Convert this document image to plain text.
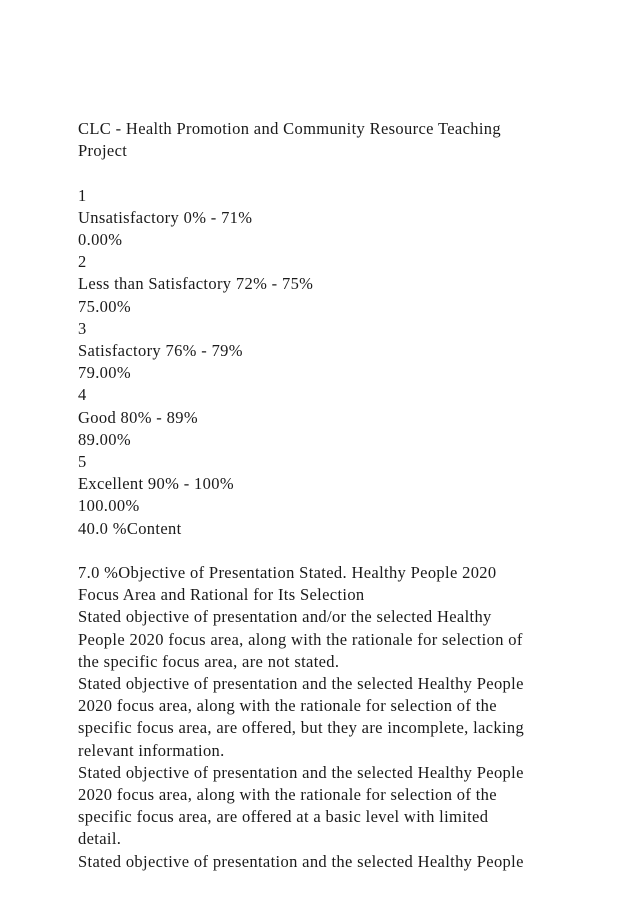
CLC - Health Promotion and Community Resource Teaching
Project
1
Unsatisfactory 0% - 71%
0.00%
2
Less than Satisfactory 72% - 75%
75.00%
3
Satisfactory 76% - 79%
79.00%
4
Good 80% - 89%
89.00%
5
Excellent 90% - 100%
100.00%
40.0 %Content
7.0 %Objective of Presentation Stated. Healthy People 2020
Focus Area and Rational for Its Selection
Stated objective of presentation and/or the selected Healthy
People 2020 focus area, along with the rationale for selection of
the specific focus area, are not stated.
Stated objective of presentation and the selected Healthy People
2020 focus area, along with the rationale for selection of the
specific focus area, are offered, but they are incomplete, lacking
relevant information.
Stated objective of presentation and the selected Healthy People
2020 focus area, along with the rationale for selection of the
specific focus area, are offered at a basic level with limited
detail.
Stated objective of presentation and the selected Healthy People
